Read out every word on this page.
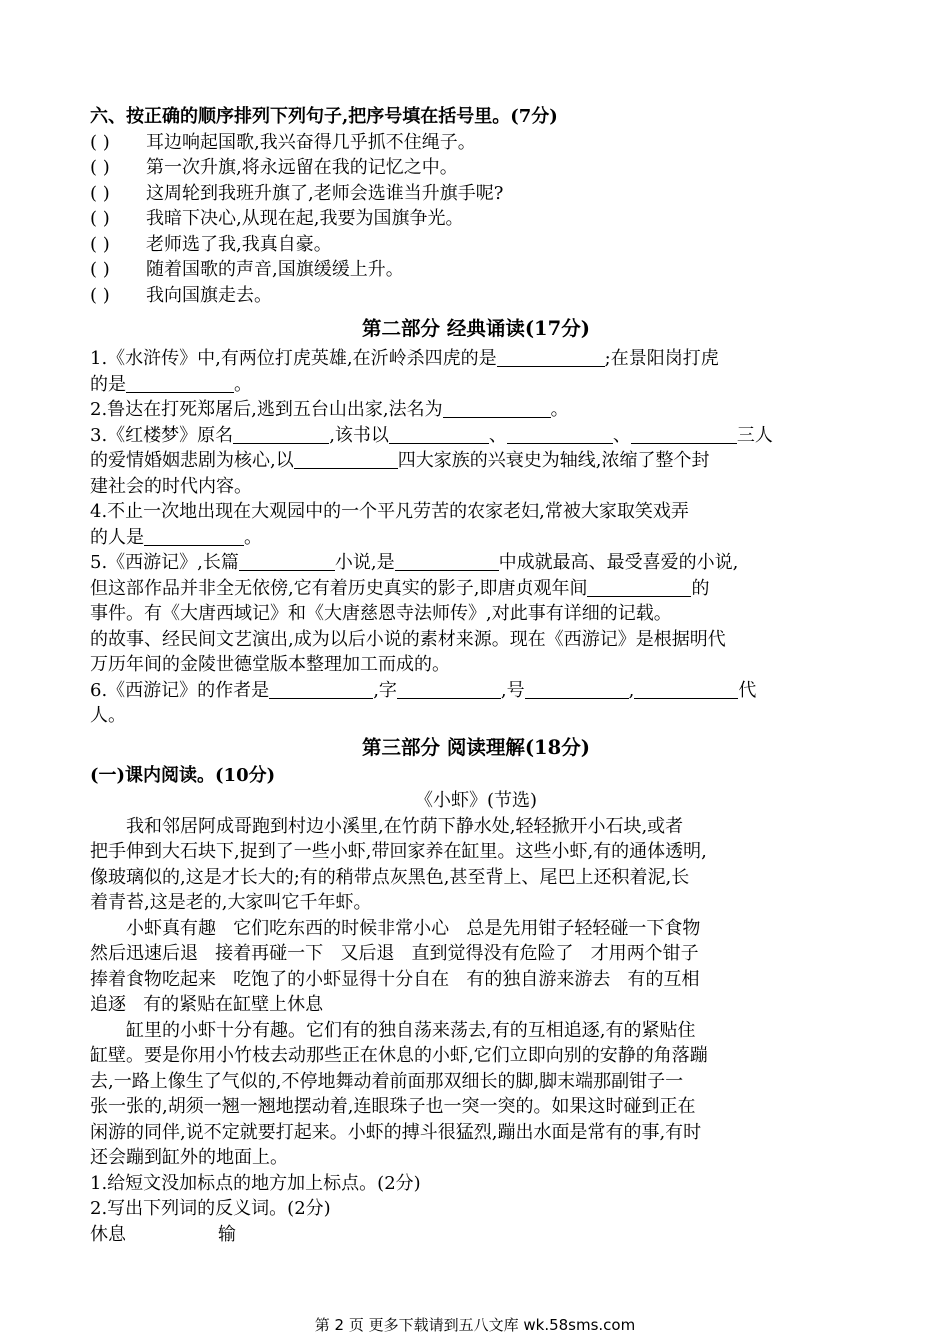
六、按正确的顺序排列下列句子,把序号填在括号里。(7分)
( ) 耳边响起国歌,我兴奋得几乎抓不住绳子。
( ) 第一次升旗,将永远留在我的记忆之中。
( ) 这周轮到我班升旗了,老师会选谁当升旗手呢?
( ) 我暗下决心,从现在起,我要为国旗争光。
( ) 老师选了我,我真自豪。
( ) 随着国歌的声音,国旗缓缓上升。
( ) 我向国旗走去。
第二部分 经典诵读(17分)
1.《水浒传》中,有两位打虎英雄,在沂岭杀四虎的是	;在景阳岗打虎
的是	。
2.鲁达在打死郑屠后,逃到五台山出家,法名为	。
3.《红楼梦》原名	,该书以	、	、	三人
的爱情婚姻悲剧为核心,以	四大家族的兴衰史为轴线,浓缩了整个封
建社会的时代内容。
4.不止一次地出现在大观园中的一个平凡劳苦的农家老妇,常被大家取笑戏弄
的人是	。
5.《西游记》,长篇	小说,是	中成就最高、最受喜爱的小说,
但这部作品并非全无依傍,它有着历史真实的影子,即唐贞观年间	的
事件。有《大唐西域记》和《大唐慈恩寺法师传》,对此事有详细的记载。
的故事、经民间文艺演出,成为以后小说的素材来源。现在《西游记》是根据明代
万历年间的金陵世德堂版本整理加工而成的。
6.《西游记》的作者是	,字	,号	,	代
人。
第三部分 阅读理解(18分)
(一)课内阅读。(10分)
《小虾》(节选)
我和邻居阿成哥跑到村边小溪里,在竹荫下静水处,轻轻掀开小石块,或者
把手伸到大石块下,捉到了一些小虾,带回家养在缸里。这些小虾,有的通体透明,
像玻璃似的,这是才长大的;有的稍带点灰黑色,甚至背上、尾巴上还积着泥,长
着青苔,这是老的,大家叫它千年虾。
小虾真有趣   它们吃东西的时候非常小心   总是先用钳子轻轻碰一下食物
然后迅速后退   接着再碰一下   又后退   直到觉得没有危险了   才用两个钳子
捧着食物吃起来   吃饱了的小虾显得十分自在   有的独自游来游去   有的互相
追逐   有的紧贴在缸壁上休息
缸里的小虾十分有趣。它们有的独自荡来荡去,有的互相追逐,有的紧贴住
缸壁。要是你用小竹枝去动那些正在休息的小虾,它们立即向别的安静的角落蹦
去,一路上像生了气似的,不停地舞动着前面那双细长的脚,脚末端那副钳子一
张一张的,胡须一翘一翘地摆动着,连眼珠子也一突一突的。如果这时碰到正在
闲游的同伴,说不定就要打起来。小虾的搏斗很猛烈,蹦出水面是常有的事,有时
还会蹦到缸外的地面上。
1.给短文没加标点的地方加上标点。(2分)
2.写出下列词的反义词。(2分)
休息	输
第 2 页 更多下载请到五八文库 wk.58sms.com
